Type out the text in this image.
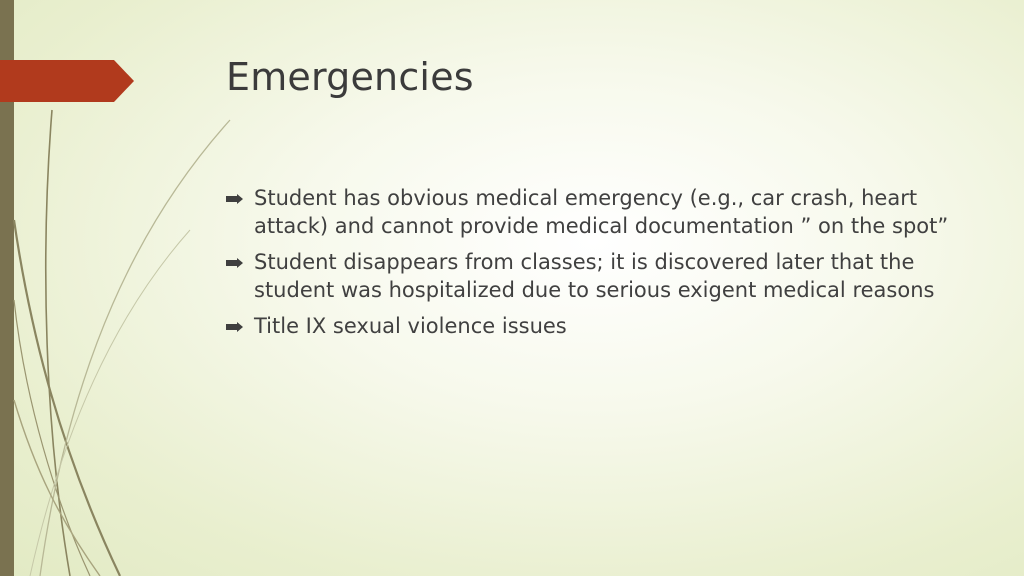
Emergencies
Student has obvious medical emergency (e.g., car crash, heart attack) and cannot provide medical documentation ” on the spot”
Student disappears from classes; it is discovered later that the student was hospitalized due to serious exigent medical reasons
Title IX sexual violence issues
